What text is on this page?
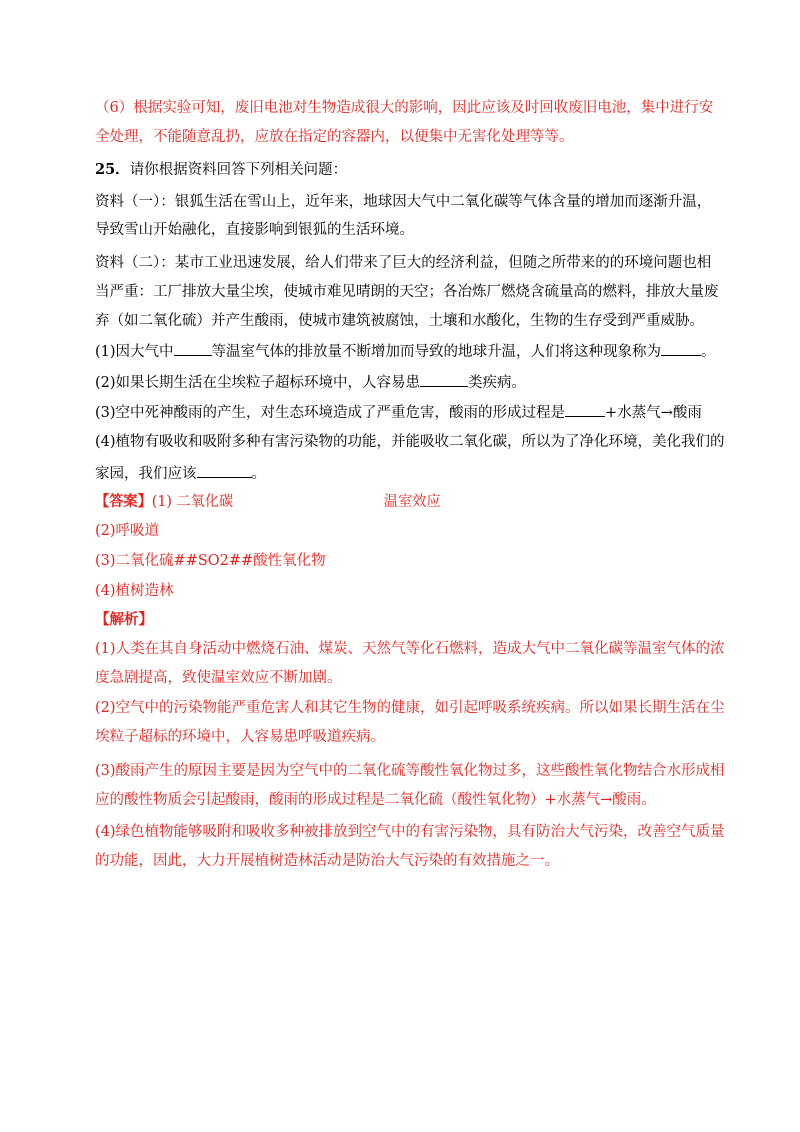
（6）根据实验可知，废旧电池对生物造成很大的影响，因此应该及时回收废旧电池，集中进行安
全处理，不能随意乱扔，应放在指定的容器内，以便集中无害化处理等等。
25．请你根据资料回答下列相关问题：
资料（一）：银狐生活在雪山上，近年来，地球因大气中二氧化碳等气体含量的增加而逐渐升温，
导致雪山开始融化，直接影响到银狐的生活环境。
资料（二）：某市工业迅速发展，给人们带来了巨大的经济利益，但随之所带来的的环境问题也相
当严重：工厂排放大量尘埃，使城市难见晴朗的天空；各冶炼厂燃烧含硫量高的燃料，排放大量废
弃（如二氧化硫）并产生酸雨，使城市建筑被腐蚀，土壤和水酸化，生物的生存受到严重威胁。
(1)因大气中	等温室气体的排放量不断增加而导致的地球升温，人们将这种现象称为	。
(2)如果长期生活在尘埃粒子超标环境中，人容易患	类疾病。
(3)空中死神酸雨的产生，对生态环境造成了严重危害，酸雨的形成过程是	+水蒸气→酸雨
(4)植物有吸收和吸附多种有害污染物的功能，并能吸收二氧化碳，所以为了净化环境，美化我们的
家园，我们应该	。
【答案】(1) 二氧化碳	温室效应
(2)呼吸道
(3)二氧化硫##SO2##酸性氧化物
(4)植树造林
【解析】
(1)人类在其自身活动中燃烧石油、煤炭、天然气等化石燃料，造成大气中二氧化碳等温室气体的浓
度急剧提高，致使温室效应不断加剧。
(2)空气中的污染物能严重危害人和其它生物的健康，如引起呼吸系统疾病。所以如果长期生活在尘
埃粒子超标的环境中，人容易患呼吸道疾病。
(3)酸雨产生的原因主要是因为空气中的二氧化硫等酸性氧化物过多，这些酸性氧化物结合水形成相
应的酸性物质会引起酸雨，酸雨的形成过程是二氧化硫（酸性氧化物）+水蒸气→酸雨。
(4)绿色植物能够吸附和吸收多种被排放到空气中的有害污染物，具有防治大气污染，改善空气质量
的功能，因此，大力开展植树造林活动是防治大气污染的有效措施之一。
